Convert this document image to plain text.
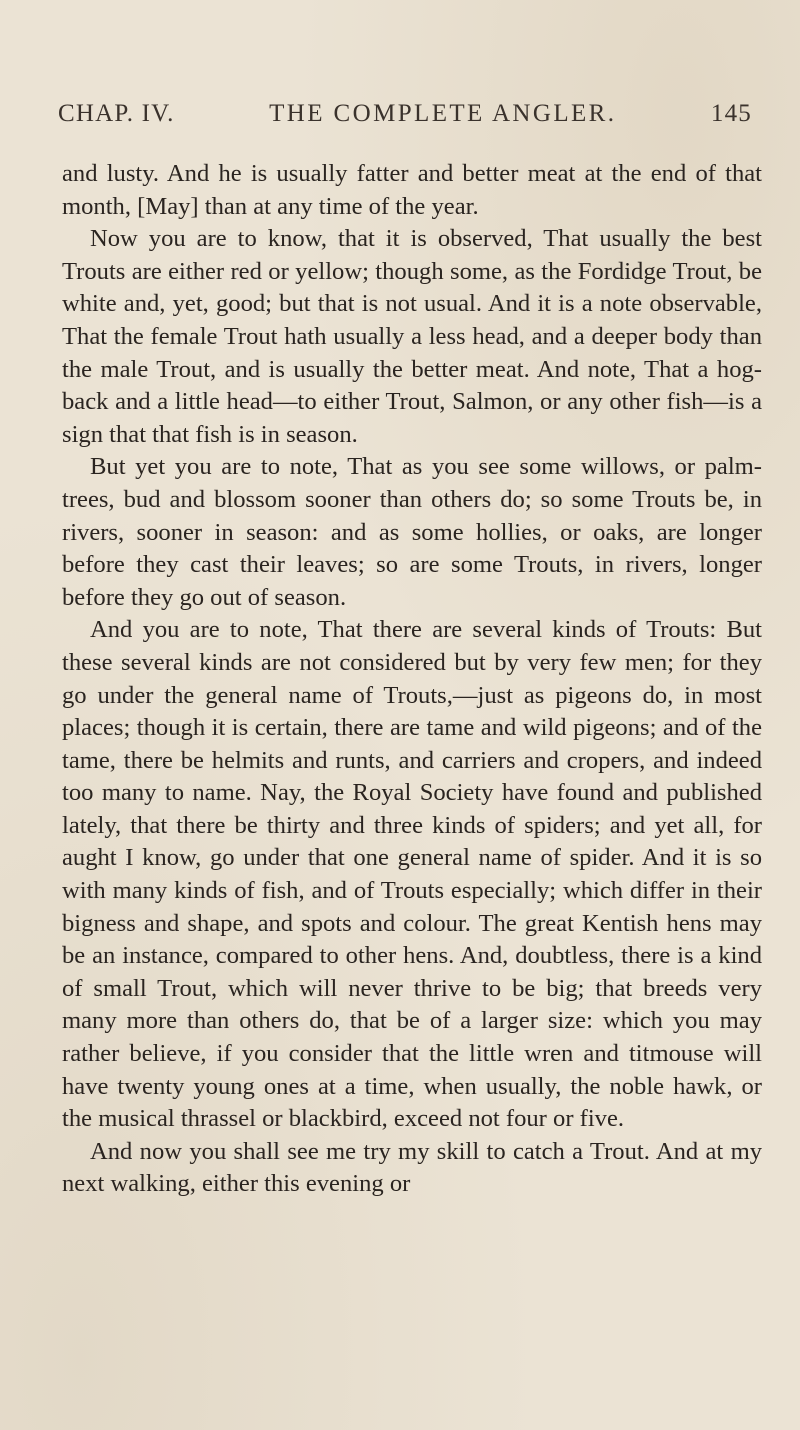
CHAP. IV.	THE COMPLETE ANGLER.	145

and lusty. And he is usually fatter and better meat at the end of that month, [May] than at any time of the year.

Now you are to know, that it is observed, That usually the best Trouts are either red or yellow; though some, as the Fordidge Trout, be white and, yet, good; but that is not usual. And it is a note observable, That the female Trout hath usually a less head, and a deeper body than the male Trout, and is usually the better meat. And note, That a hog-back and a little head—to either Trout, Salmon, or any other fish—is a sign that that fish is in season.

But yet you are to note, That as you see some willows, or palm-trees, bud and blossom sooner than others do; so some Trouts be, in rivers, sooner in season: and as some hollies, or oaks, are longer before they cast their leaves; so are some Trouts, in rivers, longer before they go out of season.

And you are to note, That there are several kinds of Trouts: But these several kinds are not considered but by very few men; for they go under the general name of Trouts,—just as pigeons do, in most places; though it is certain, there are tame and wild pigeons; and of the tame, there be helmits and runts, and carriers and cropers, and indeed too many to name. Nay, the Royal Society have found and published lately, that there be thirty and three kinds of spiders; and yet all, for aught I know, go under that one general name of spider. And it is so with many kinds of fish, and of Trouts especially; which differ in their bigness and shape, and spots and colour. The great Kentish hens may be an instance, compared to other hens. And, doubtless, there is a kind of small Trout, which will never thrive to be big; that breeds very many more than others do, that be of a larger size: which you may rather believe, if you consider that the little wren and titmouse will have twenty young ones at a time, when usually, the noble hawk, or the musical thrassel or blackbird, exceed not four or five.

And now you shall see me try my skill to catch a Trout. And at my next walking, either this evening or
